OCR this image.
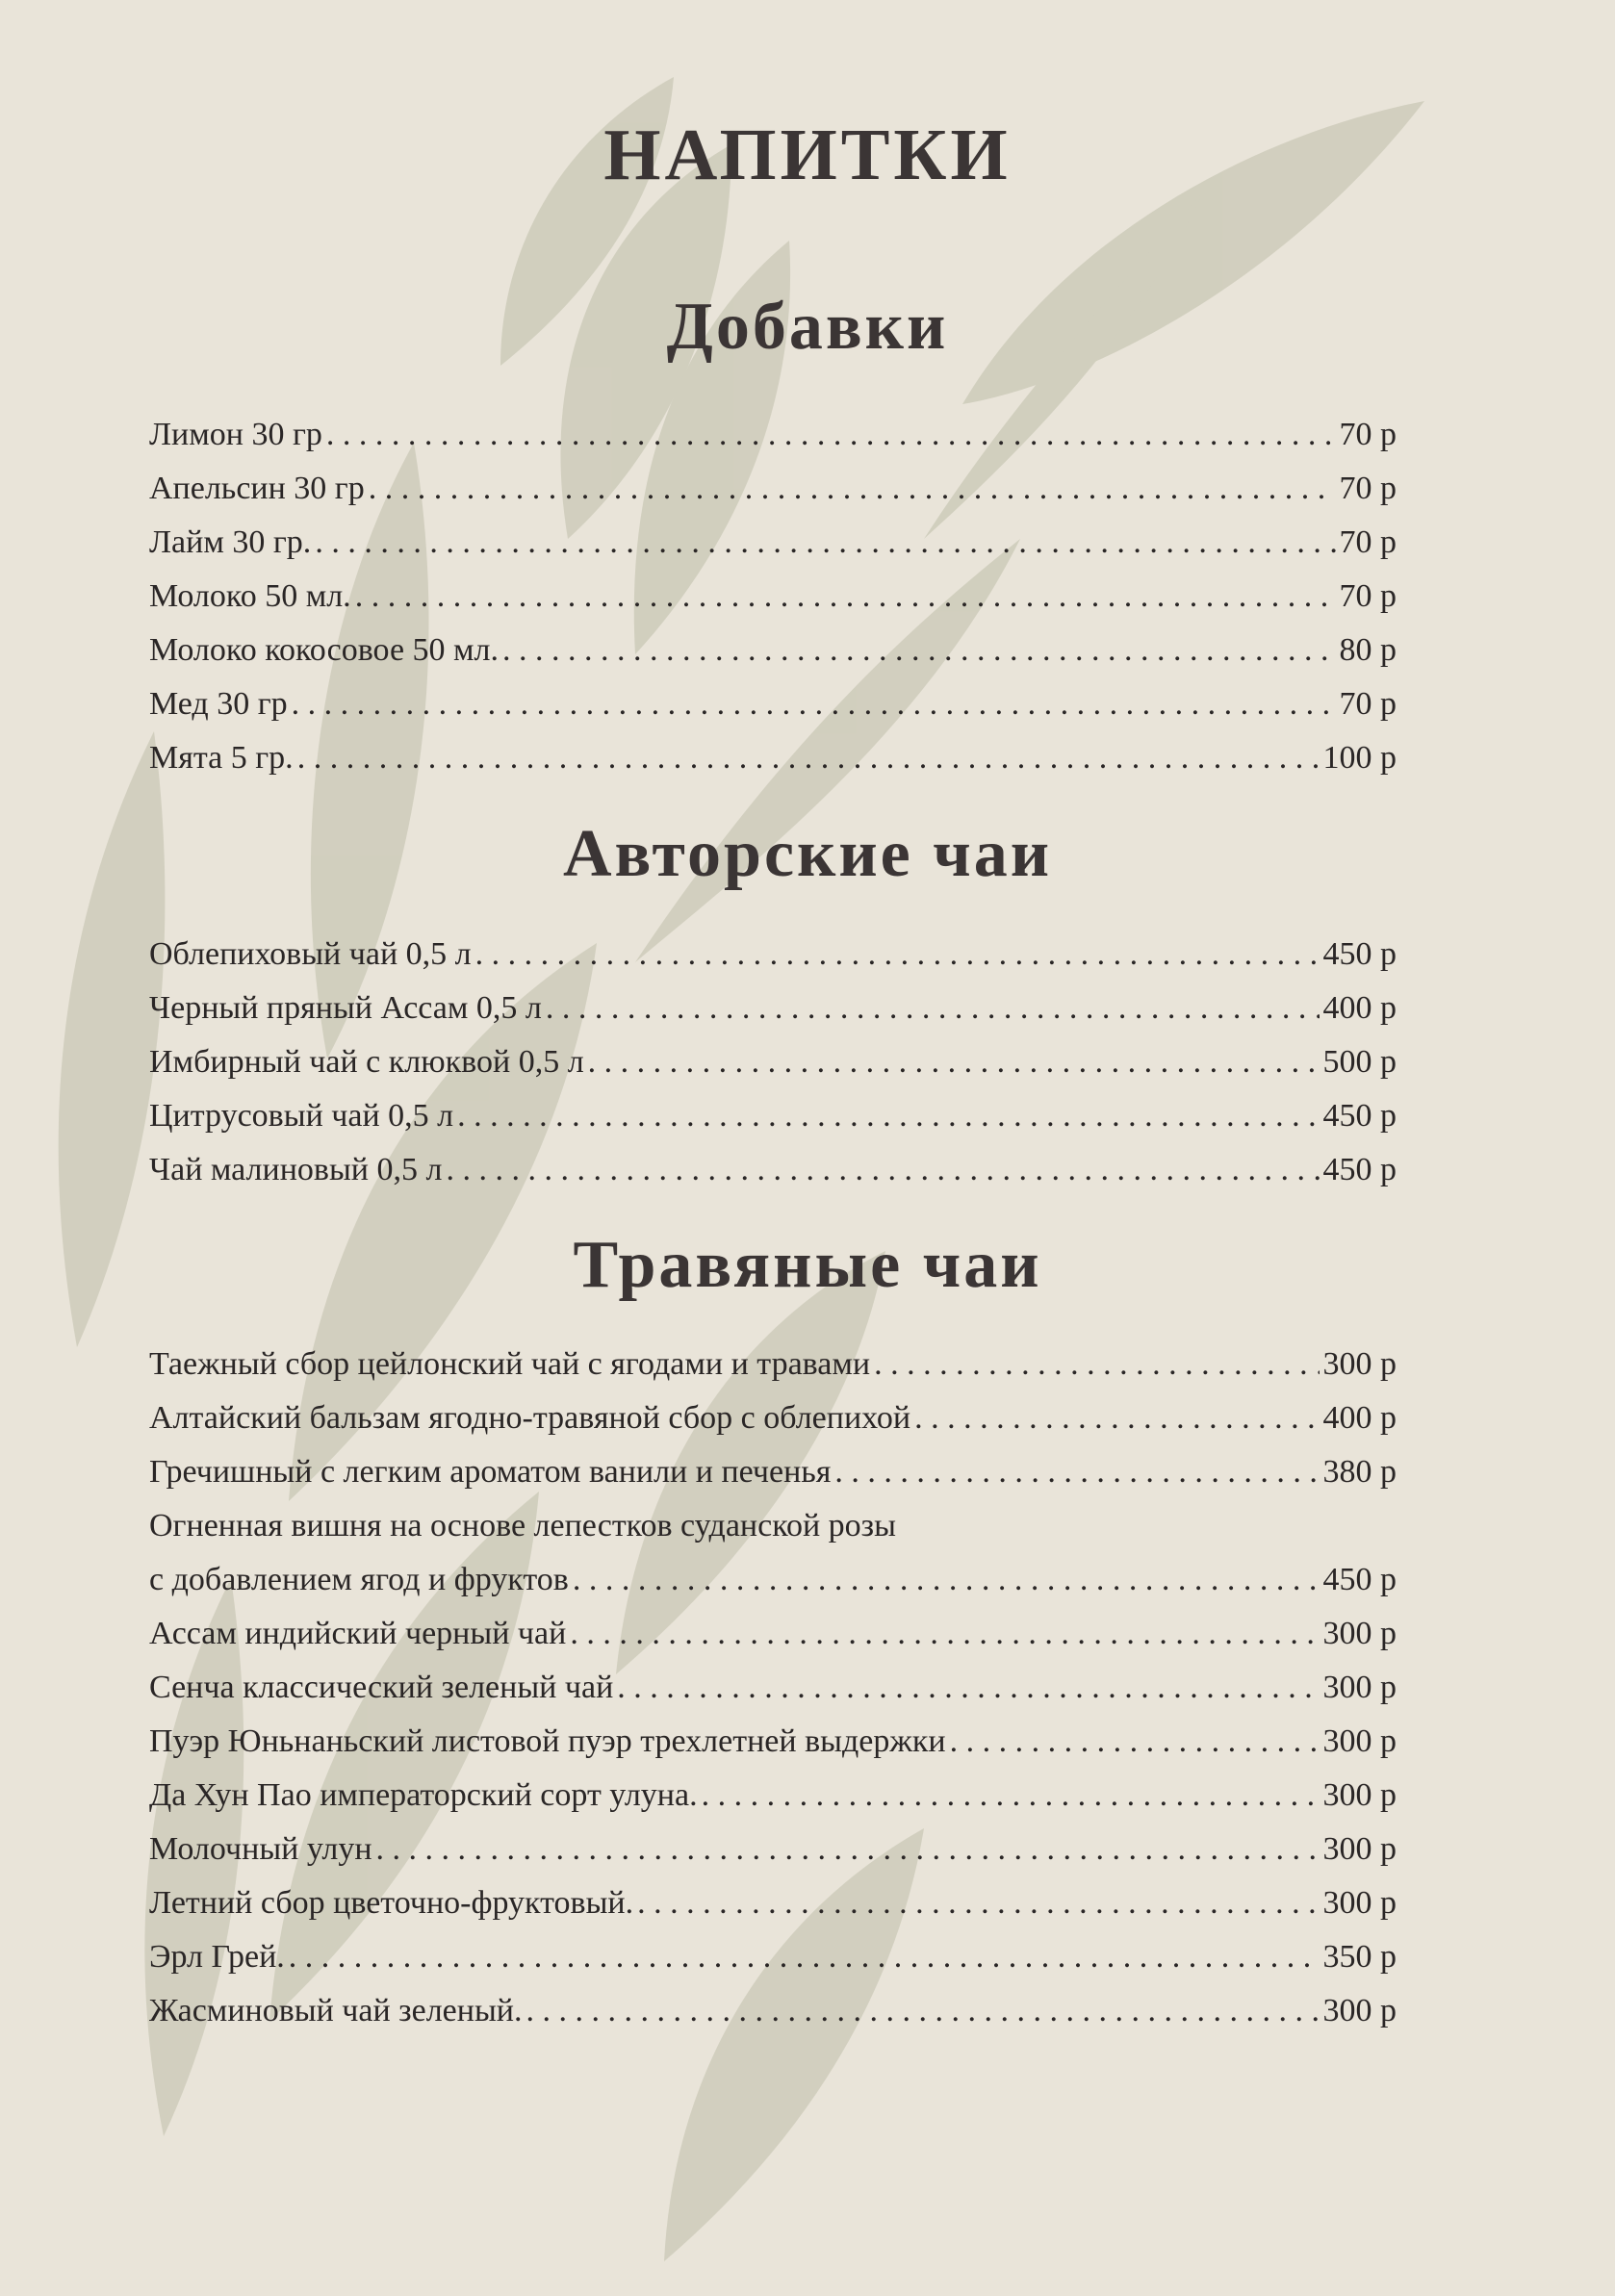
НАПИТКИ
Добавки
Лимон 30 гр . . .	70 р
Апельсин 30 гр . . .	70 р
Лайм 30 гр. . . .	70 р
Молоко 50 мл. . . .	70 р
Молоко кокосовое 50 мл. . . .	80 р
Мед 30 гр . . .	70 р
Мята 5 гр. . . .	100 р
Авторские чаи
Облепиховый чай 0,5 л . . .	450 р
Черный пряный Ассам 0,5 л . . .	400 р
Имбирный чай с клюквой 0,5 л . . .	500 р
Цитрусовый чай 0,5 л . . .	450 р
Чай малиновый 0,5 л . . .	450 р
Травяные чаи
Таежный сбор цейлонский чай с ягодами и травами . . .	300 р
Алтайский бальзам ягодно-травяной сбор с облепихой . . .	400 р
Гречишный с легким ароматом ванили и печенья . . .	380 р
Огненная вишня на основе лепестков суданской розы
с добавлением ягод и фруктов . . .	450 р
Ассам индийский черный чай . . .	300 р
Сенча классический зеленый чай . . .	300 р
Пуэр Юньнаньский листовой пуэр трехлетней выдержки . . .	300 р
Да Хун Пао императорский сорт улуна. . . .	300 р
Молочный улун . . .	300 р
Летний сбор цветочно-фруктовый. . . .	300 р
Эрл Грей. . . .	350 р
Жасминовый чай зеленый. . . .	300 р
